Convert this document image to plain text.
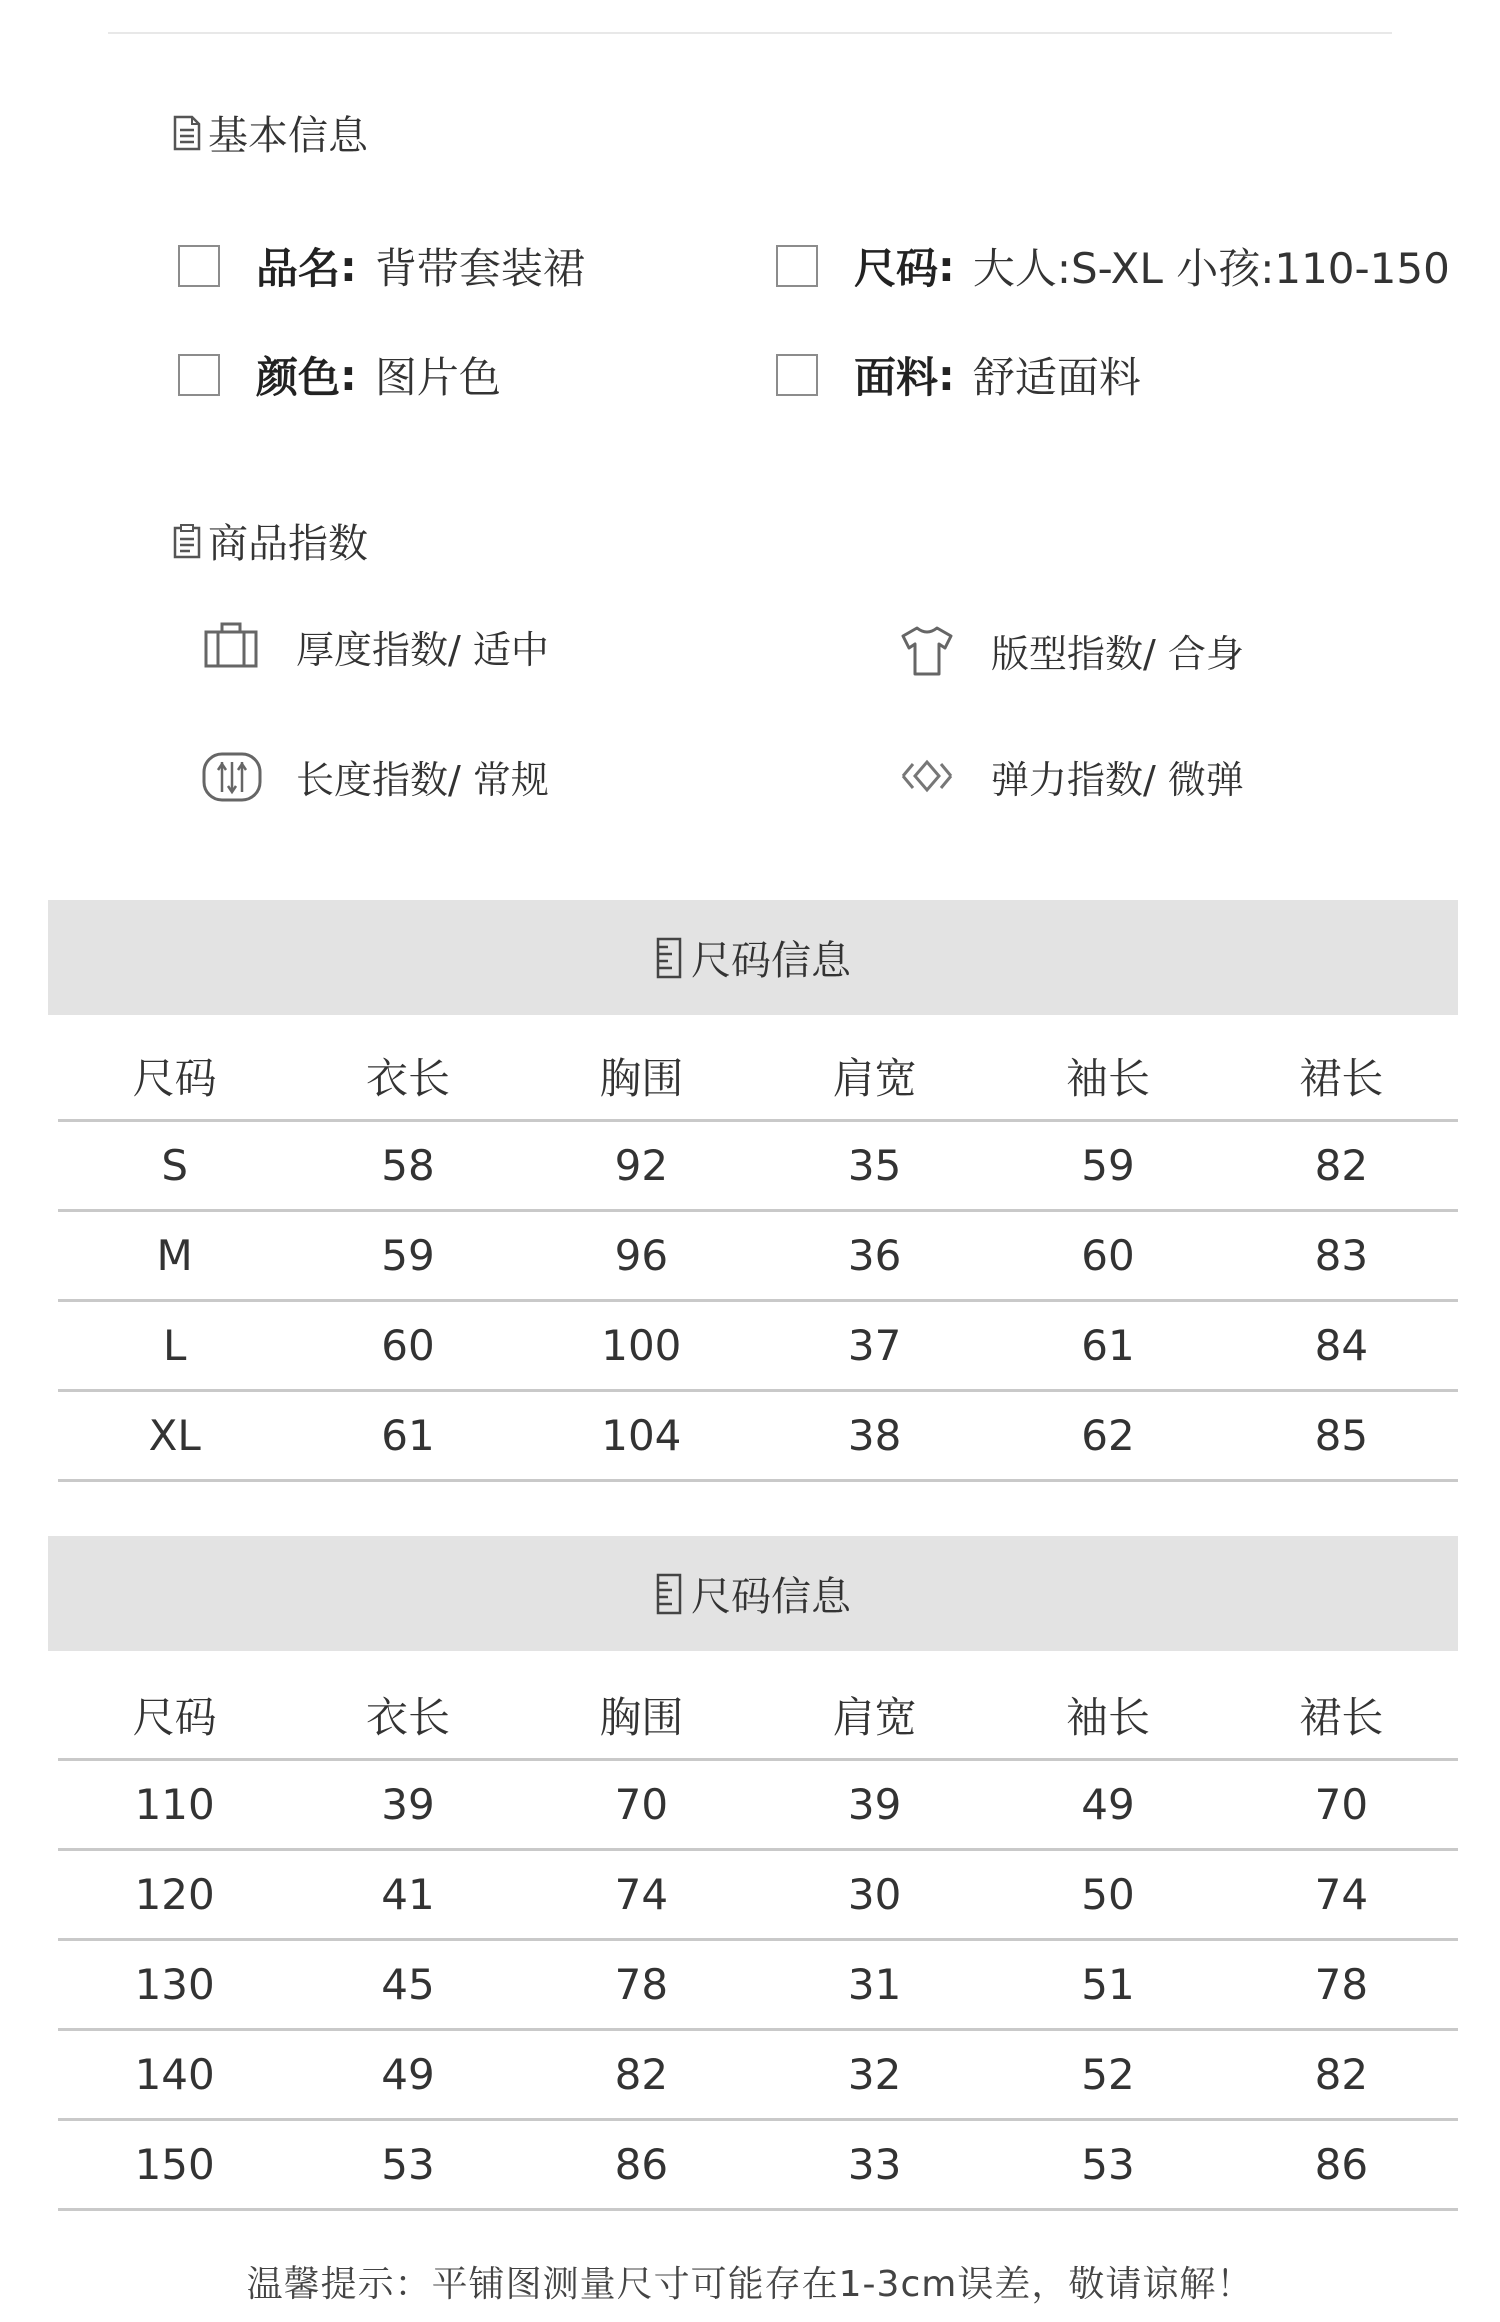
基本信息
品名 : 背带套装裙	尺码 : 大人:S-XL 小孩:110-150
颜色 : 图片色	面料 : 舒适面料
商品指数
厚度指数/ 适中	版型指数/ 合身
长度指数/ 常规	弹力指数/ 微弹
尺码信息
尺码	衣长	胸围	肩宽	袖长	裙长
S	58	92	35	59	82
M	59	96	36	60	83
L	60	100	37	61	84
XL	61	104	38	62	85
尺码信息
尺码	衣长	胸围	肩宽	袖长	裙长
110	39	70	39	49	70
120	41	74	30	50	74
130	45	78	31	51	78
140	49	82	32	52	82
150	53	86	33	53	86
温馨提示：平铺图测量尺寸可能存在1-3cm误差，敬请谅解！
